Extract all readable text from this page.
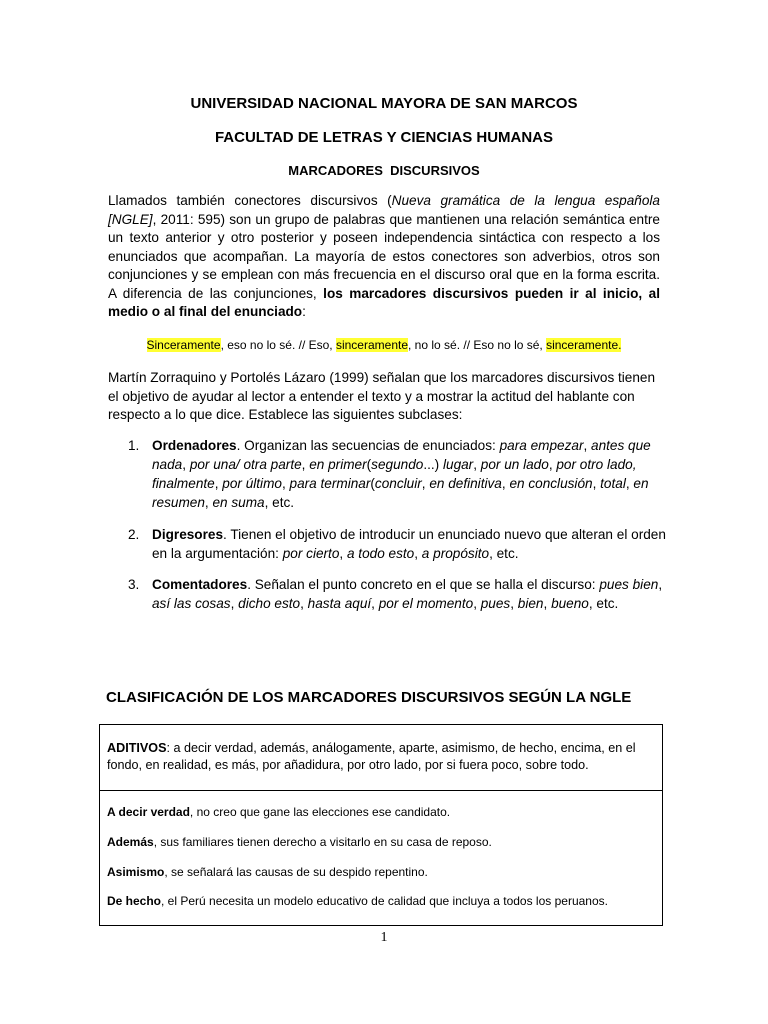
UNIVERSIDAD NACIONAL MAYORA DE SAN MARCOS
FACULTAD DE LETRAS Y CIENCIAS HUMANAS
MARCADORES  DISCURSIVOS

Llamados también conectores discursivos (Nueva gramática de la lengua española [NGLE], 2011: 595) son un grupo de palabras que mantienen una relación semántica entre un texto anterior y otro posterior y poseen independencia sintáctica con respecto a los enunciados que acompañan. La mayoría de estos conectores son adverbios, otros son conjunciones y se emplean con más frecuencia en el discurso oral que en la forma escrita. A diferencia de las conjunciones, los marcadores discursivos pueden ir al inicio, al medio o al final del enunciado:

Sinceramente, eso no lo sé. // Eso, sinceramente, no lo sé. // Eso no lo sé, sinceramente.

Martín Zorraquino y Portolés Lázaro (1999) señalan que los marcadores discursivos tienen el objetivo de ayudar al lector a entender el texto y a mostrar la actitud del hablante con respecto a lo que dice. Establece las siguientes subclases:

1. Ordenadores. Organizan las secuencias de enunciados: para empezar, antes que nada, por una/ otra parte, en primer(segundo...) lugar, por un lado, por otro lado, finalmente, por último, para terminar(concluir, en definitiva, en conclusión, total, en resumen, en suma, etc.
2. Digresores. Tienen el objetivo de introducir un enunciado nuevo que alteran el orden en la argumentación: por cierto, a todo esto, a propósito, etc.
3. Comentadores. Señalan el punto concreto en el que se halla el discurso: pues bien, así las cosas, dicho esto, hasta aquí, por el momento, pues, bien, bueno, etc.
CLASIFICACIÓN DE LOS MARCADORES DISCURSIVOS SEGÚN LA NGLE
ADITIVOS: a decir verdad, además, análogamente, aparte, asimismo, de hecho, encima, en el fondo, en realidad, es más, por añadidura, por otro lado, por si fuera poco, sobre todo.
A decir verdad, no creo que gane las elecciones ese candidato.
Además, sus familiares tienen derecho a visitarlo en su casa de reposo.
Asimismo, se señalará las causas de su despido repentino.
De hecho, el Perú necesita un modelo educativo de calidad que incluya a todos los peruanos.
1
